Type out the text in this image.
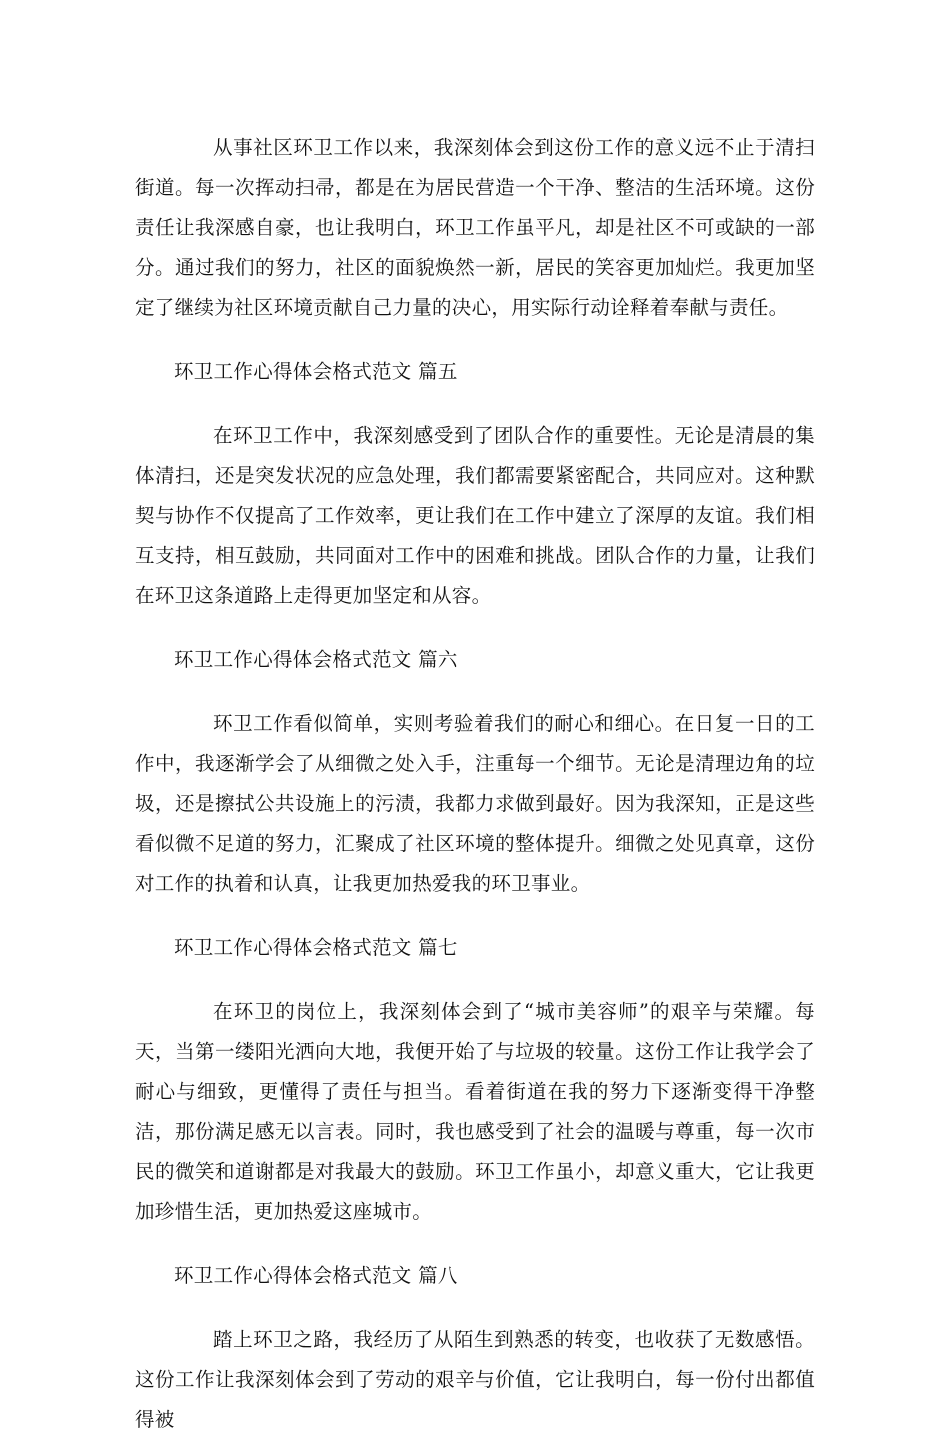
从事社区环卫工作以来，我深刻体会到这份工作的意义远不止于清扫街道。每一次挥动扫帚，都是在为居民营造一个干净、整洁的生活环境。这份责任让我深感自豪，也让我明白，环卫工作虽平凡，却是社区不可或缺的一部分。通过我们的努力，社区的面貌焕然一新，居民的笑容更加灿烂。我更加坚定了继续为社区环境贡献自己力量的决心，用实际行动诠释着奉献与责任。

环卫工作心得体会格式范文 篇五

在环卫工作中，我深刻感受到了团队合作的重要性。无论是清晨的集体清扫，还是突发状况的应急处理，我们都需要紧密配合，共同应对。这种默契与协作不仅提高了工作效率，更让我们在工作中建立了深厚的友谊。我们相互支持，相互鼓励，共同面对工作中的困难和挑战。团队合作的力量，让我们在环卫这条道路上走得更加坚定和从容。

环卫工作心得体会格式范文 篇六

环卫工作看似简单，实则考验着我们的耐心和细心。在日复一日的工作中，我逐渐学会了从细微之处入手，注重每一个细节。无论是清理边角的垃圾，还是擦拭公共设施上的污渍，我都力求做到最好。因为我深知，正是这些看似微不足道的努力，汇聚成了社区环境的整体提升。细微之处见真章，这份对工作的执着和认真，让我更加热爱我的环卫事业。

环卫工作心得体会格式范文 篇七

在环卫的岗位上，我深刻体会到了“城市美容师”的艰辛与荣耀。每天，当第一缕阳光洒向大地，我便开始了与垃圾的较量。这份工作让我学会了耐心与细致，更懂得了责任与担当。看着街道在我的努力下逐渐变得干净整洁，那份满足感无以言表。同时，我也感受到了社会的温暖与尊重，每一次市民的微笑和道谢都是对我最大的鼓励。环卫工作虽小，却意义重大，它让我更加珍惜生活，更加热爱这座城市。

环卫工作心得体会格式范文 篇八

踏上环卫之路，我经历了从陌生到熟悉的转变，也收获了无数感悟。这份工作让我深刻体会到了劳动的艰辛与价值，它让我明白，每一份付出都值得被
